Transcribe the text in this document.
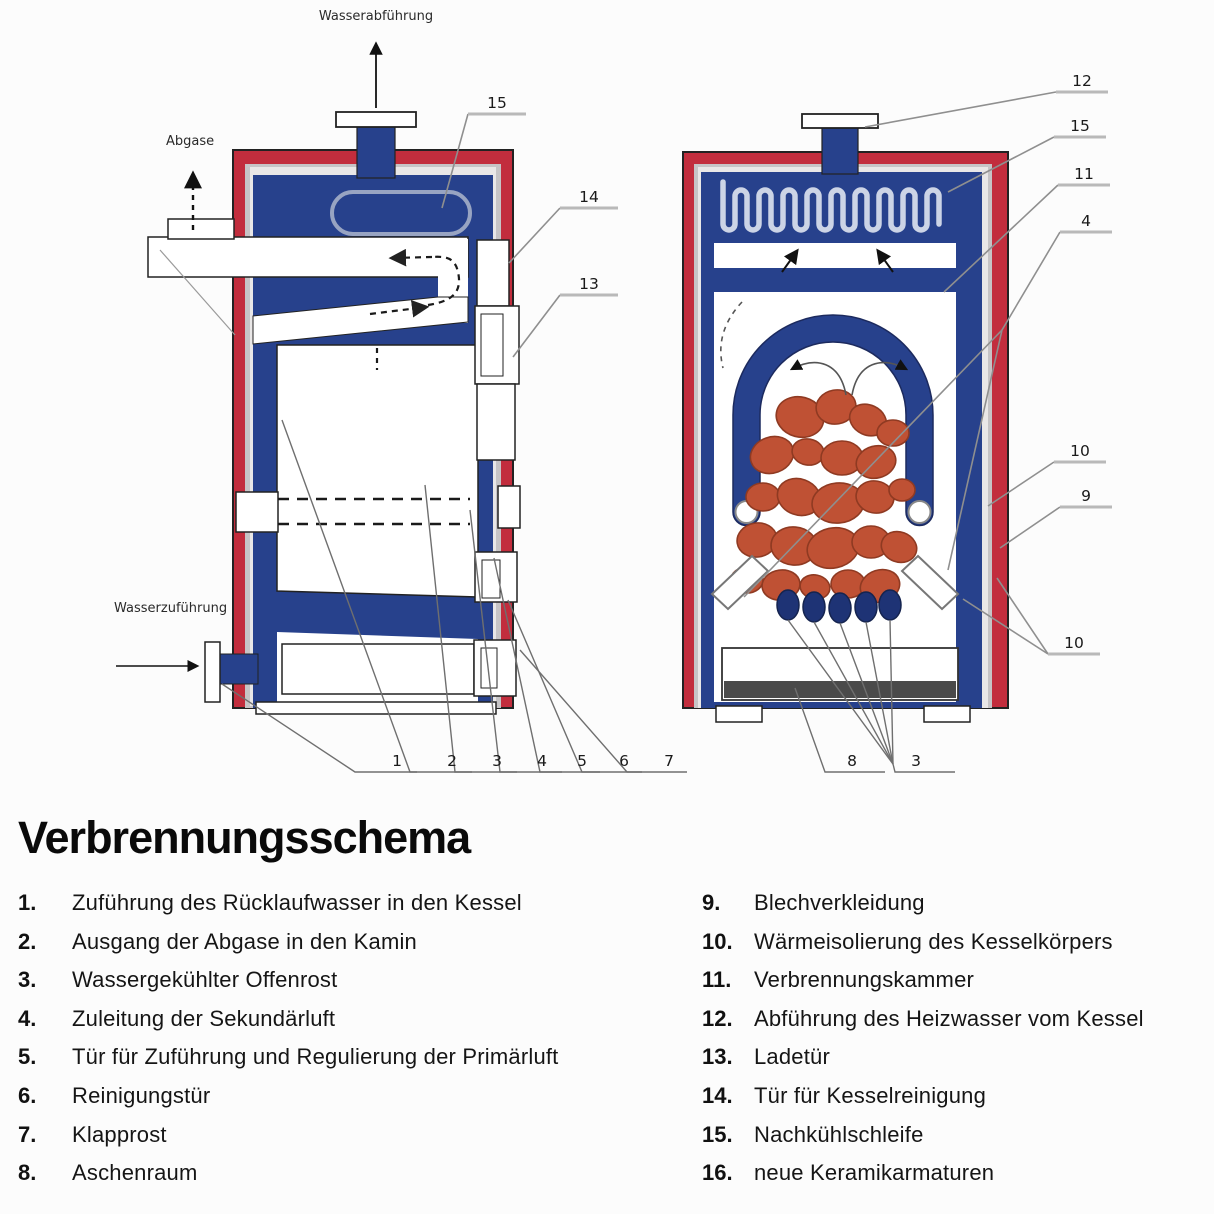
Wasserabführung
Abgase
Wasserzuführung
15
14
13
1	2 3 4 5 6 7
12
15
11
4
10
9
10
8	3
Verbrennungsschema
1.	Zuführung des Rücklaufwasser in den Kessel
2.	Ausgang der Abgase in den Kamin
3.	Wassergekühlter Offenrost
4.	Zuleitung der Sekundärluft
5.	Tür für Zuführung und Regulierung der Primärluft
6.	Reinigungstür
7.	Klapprost
8.	Aschenraum
9.	Blechverkleidung
10. Wärmeisolierung des Kesselkörpers
11.	Verbrennungskammer
12. Abführung des Heizwasser vom Kessel
13. Ladetür
14. Tür für Kesselreinigung
15. Nachkühlschleife
16. neue Keramikarmaturen
